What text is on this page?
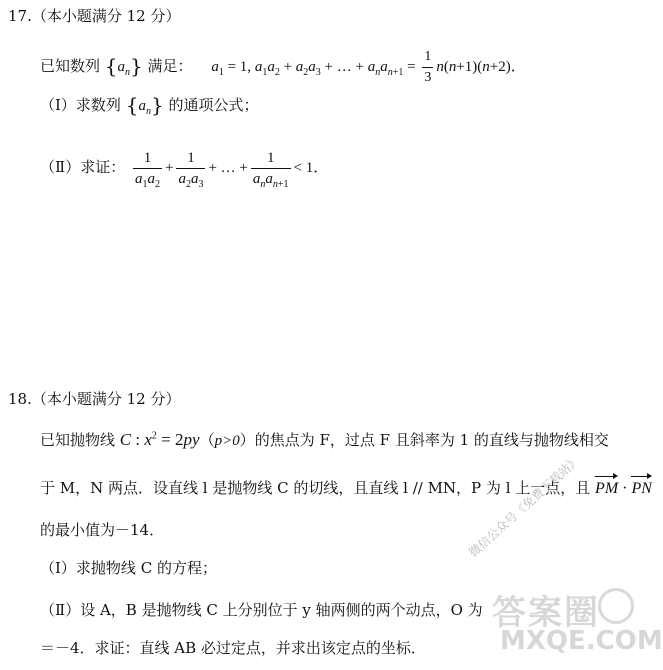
17.（本小题满分 12 分）
已知数列 $\{a_n\}$ 满足： $a_1 = 1$, $a_1a_2 + a_2a_3$ + … + $a_na_{n+1} = \frac{1}{3} n(n+1)(n+2)$．
（Ⅰ）求数列 $\{a_n\}$ 的通项公式；
（Ⅱ）求证： $\frac{1}{a_1a_2} + \frac{1}{a_2a_3}$ + … + $\frac{1}{a_na_{n+1}} < 1$．
18.（本小题满分 12 分）
已知抛物线 C : $x^2 = 2py(p>0)$的焦点为 F，过点 F 且斜率为 1 的直线与抛物线相交
于 M，N 两点．设直线 l 是抛物线 C 的切线，且直线 l // MN，P 为 l 上一点，且 PM · PN
的最小值为－14．
（Ⅰ）求抛物线 C 的方程；
（Ⅱ）设 A，B 是抛物线 C 上分别位于 y 轴两侧的两个动点，O 为
＝－4．求证：直线 AB 必过定点，并求出该定点的坐标．
微信公众号《免费下载站》
答案圈
MXQE.COM
